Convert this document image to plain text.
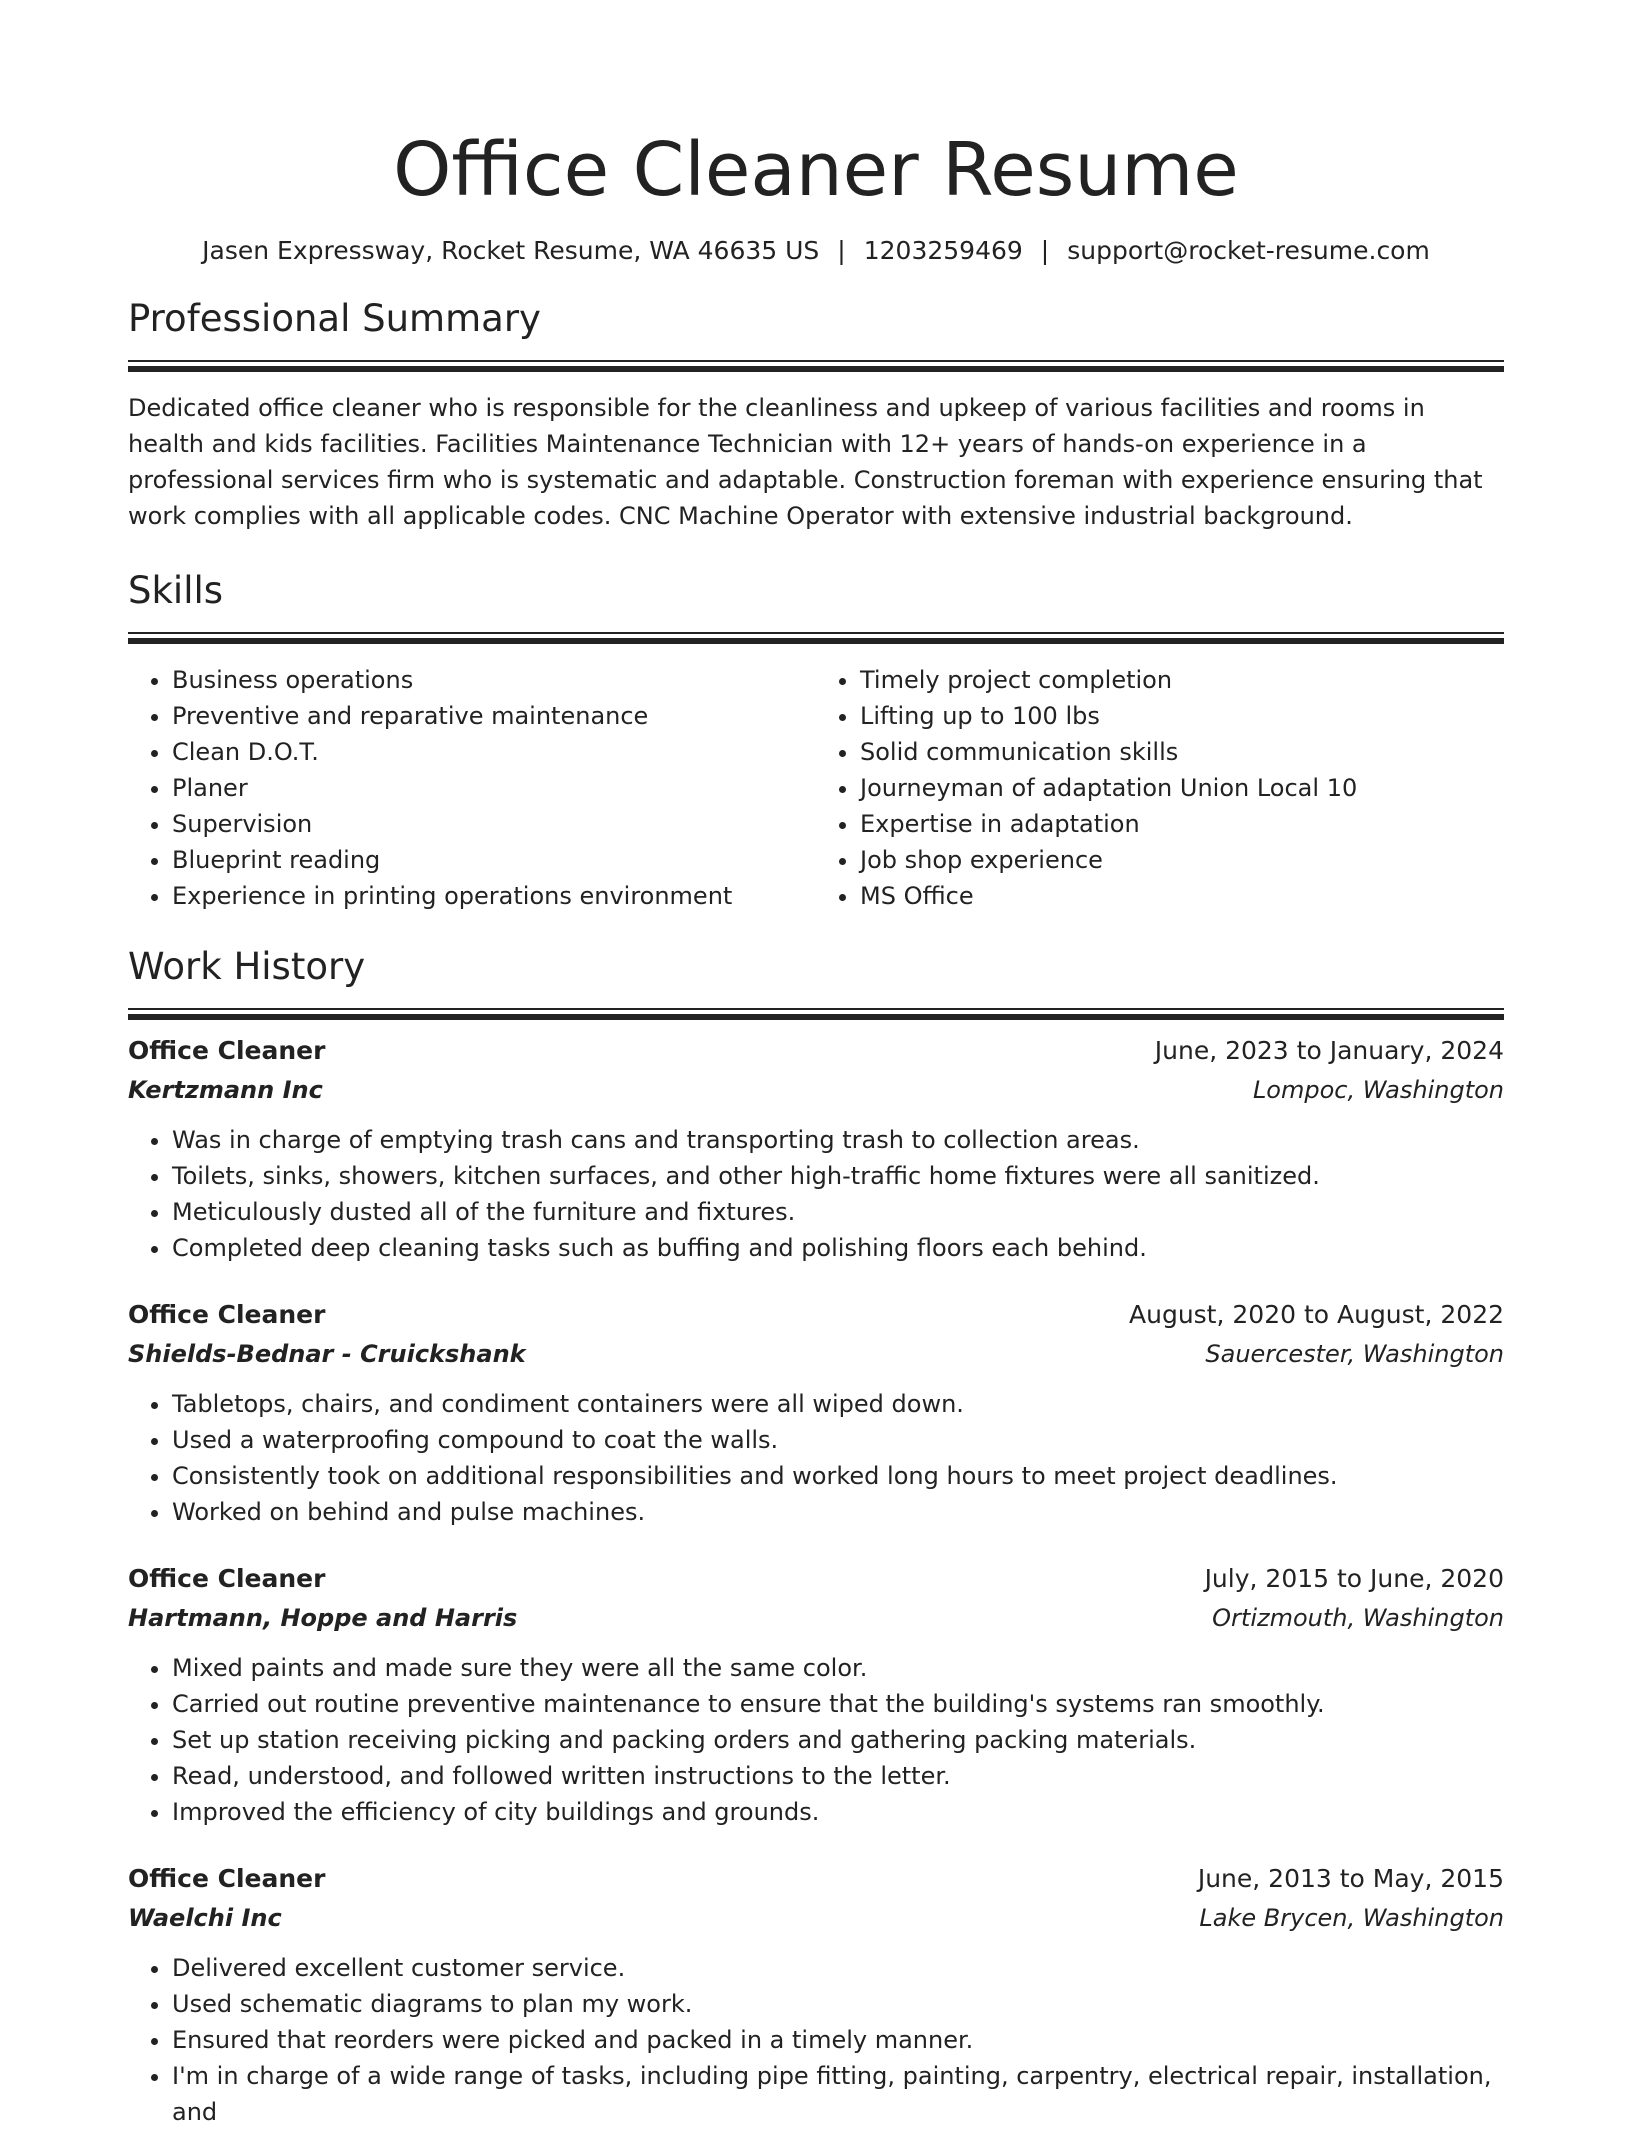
Office Cleaner Resume
Jasen Expressway, Rocket Resume, WA 46635 US | 1203259469 | support@rocket-resume.com
Professional Summary

Dedicated office cleaner who is responsible for the cleanliness and upkeep of various facilities and rooms in health and kids facilities. Facilities Maintenance Technician with 12+ years of hands-on experience in a professional services firm who is systematic and adaptable. Construction foreman with experience ensuring that work complies with all applicable codes. CNC Machine Operator with extensive industrial background.

Skills
• Business operations
• Preventive and reparative maintenance
• Clean D.O.T.
• Planer
• Supervision
• Blueprint reading
• Experience in printing operations environment
• Timely project completion
• Lifting up to 100 lbs
• Solid communication skills
• Journeyman of adaptation Union Local 10
• Expertise in adaptation
• Job shop experience
• MS Office
Work History
Office Cleaner	June, 2023 to January, 2024
Kertzmann Inc	Lompoc, Washington
• Was in charge of emptying trash cans and transporting trash to collection areas.
• Toilets, sinks, showers, kitchen surfaces, and other high-traffic home fixtures were all sanitized.
• Meticulously dusted all of the furniture and fixtures.
• Completed deep cleaning tasks such as buffing and polishing floors each behind.
Office Cleaner	August, 2020 to August, 2022
Shields-Bednar - Cruickshank	Sauercester, Washington
• Tabletops, chairs, and condiment containers were all wiped down.
• Used a waterproofing compound to coat the walls.
• Consistently took on additional responsibilities and worked long hours to meet project deadlines.
• Worked on behind and pulse machines.
Office Cleaner	July, 2015 to June, 2020
Hartmann, Hoppe and Harris	Ortizmouth, Washington
• Mixed paints and made sure they were all the same color.
• Carried out routine preventive maintenance to ensure that the building's systems ran smoothly.
• Set up station receiving picking and packing orders and gathering packing materials.
• Read, understood, and followed written instructions to the letter.
• Improved the efficiency of city buildings and grounds.
Office Cleaner	June, 2013 to May, 2015
Waelchi Inc	Lake Brycen, Washington
• Delivered excellent customer service.
• Used schematic diagrams to plan my work.
• Ensured that reorders were picked and packed in a timely manner.
• I'm in charge of a wide range of tasks, including pipe fitting, painting, carpentry, electrical repair, installation, and
